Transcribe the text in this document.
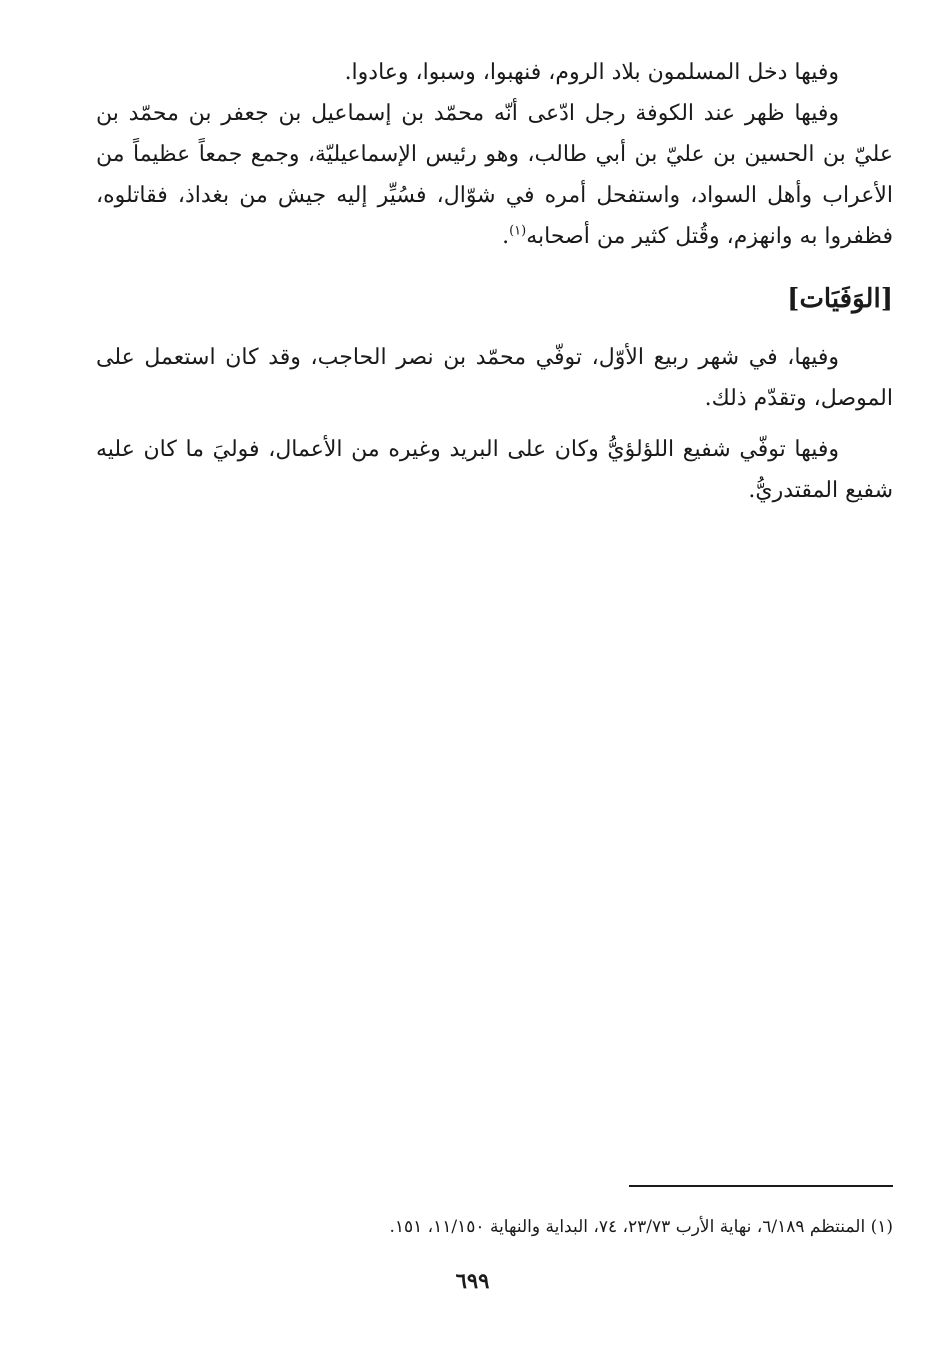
وفيها دخل المسلمون بلاد الروم، فنهبوا، وسبوا، وعادوا.

وفيها ظهر عند الكوفة رجل ادّعى أنّه محمّد بن إسماعيل بن جعفر بن محمّد بن عليّ بن الحسين بن عليّ بن أبي طالب، وهو رئيس الإسماعيليّة، وجمع جمعاً عظيماً من الأعراب وأهل السواد، واستفحل أمره في شوّال، فسُيِّر إليه جيش من بغداذ، فقاتلوه، فظفروا به وانهزم، وقُتل كثير من أصحابه$^{(١)}$.

[الوَفَيَات]

وفيها، في شهر ربيع الأوّل، توفّي محمّد بن نصر الحاجب، وقد كان استعمل على الموصل، وتقدّم ذلك.

وفيها توفّي شفيع اللؤلؤيُّ وكان على البريد وغيره من الأعمال، فوليَ ما كان عليه شفيع المقتدريُّ.

(١) المنتظم ٦/١٨٩، نهاية الأرب ٢٣/٧٣، ٧٤، البداية والنهاية ١١/١٥٠، ١٥١.
٦٩٩
